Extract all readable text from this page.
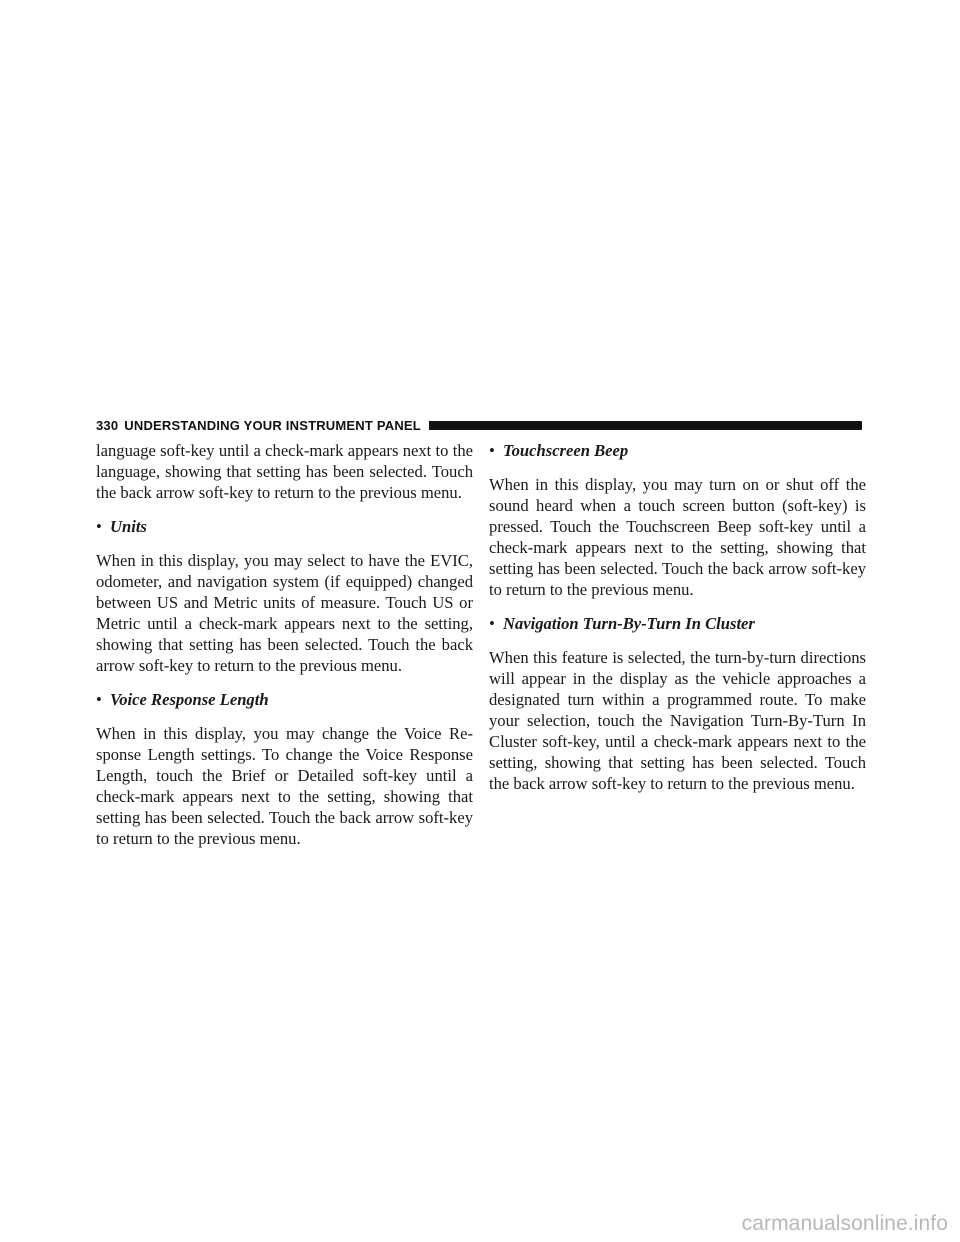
330 UNDERSTANDING YOUR INSTRUMENT PANEL

language soft-key until a check-mark appears next to the language, showing that setting has been selected. Touch the back arrow soft-key to return to the previous menu.

• Units

When in this display, you may select to have the EVIC, odometer, and navigation system (if equipped) changed between US and Metric units of measure. Touch US or Metric until a check-mark appears next to the setting, showing that setting has been selected. Touch the back arrow soft-key to return to the previous menu.

• Voice Response Length

When in this display, you may change the Voice Re-sponse Length settings. To change the Voice Response Length, touch the Brief or Detailed soft-key until a check-mark appears next to the setting, showing that setting has been selected. Touch the back arrow soft-key to return to the previous menu.

• Touchscreen Beep

When in this display, you may turn on or shut off the sound heard when a touch screen button (soft-key) is pressed. Touch the Touchscreen Beep soft-key until a check-mark appears next to the setting, showing that setting has been selected. Touch the back arrow soft-key to return to the previous menu.

• Navigation Turn-By-Turn In Cluster

When this feature is selected, the turn-by-turn directions will appear in the display as the vehicle approaches a designated turn within a programmed route. To make your selection, touch the Navigation Turn-By-Turn In Cluster soft-key, until a check-mark appears next to the setting, showing that setting has been selected. Touch the back arrow soft-key to return to the previous menu.

carmanualsonline.info
